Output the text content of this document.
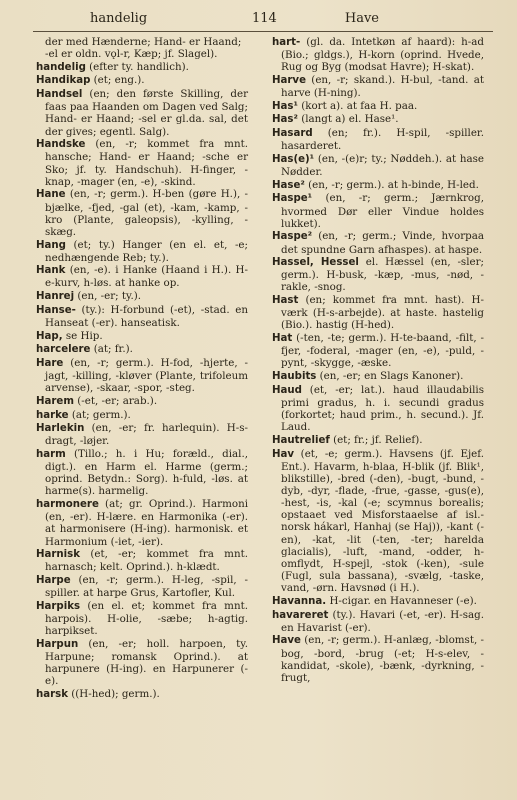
handelig	114	Have

der med Hænderne; Hand- er Haand; -el er oldn. vǫl-r, Kæp; jf. Slagel).

handelig (efter ty. handlich).

Handikap (et; eng.).

Handsel (en; den første Skilling, der faas paa Haanden om Dagen ved Salg; Hand- er Haand; -sel er gl.da. sal, det der gives; egentl. Salg).

Handske (en, -r; kommet fra mnt. hansche; Hand- er Haand; -sche er Sko; jf. ty. Handschuh). H-finger, -knap, -mager (en, -e), -skind.

Hane (en, -r; germ.). H-ben (gøre H.), -bjælke, -fjed, -gal (et), -kam, -kamp, -kro (Plante, galeopsis), -kylling, -skæg.

Hang (et; ty.) Hanger (en el. et, -e; nedhængende Reb; ty.).

Hank (en, -e). i Hanke (Haand i H.). H-e-kurv, h-løs. at hanke op.

Hanrej (en, -er; ty.).

Hanse- (ty.): H-forbund (-et), -stad. en Hanseat (-er). hanseatisk.

Hap, se Hip.

harcelere (at; fr.).

Hare (en, -r; germ.). H-fod, -hjerte, -jagt, -killing, -kløver (Plante, trifoleum arvense), -skaar, -spor, -steg.

Harem (-et, -er; arab.).

harke (at; germ.).

Harlekin (en, -er; fr. harlequin). H-s-dragt, -løjer.

harm (Tillo.; h. i Hu; foræld., dial., digt.). en Harm el. Harme (germ.; oprind. Betydn.: Sorg). h-fuld, -løs. at harme(s). harmelig.

harmonere (at; gr. Oprind.). Harmoni (en, -er). H-lære. en Harmonika (-er). at harmonisere (H-ing). harmonisk. et Harmonium (-iet, -ier).

Harnisk (et, -er; kommet fra mnt. harnasch; kelt. Oprind.). h-klædt.

Harpe (en, -r; germ.). H-leg, -spil, -spiller. at harpe Grus, Kartofler, Kul.

Harpiks (en el. et; kommet fra mnt. harpois). H-olie, -sæbe; h-agtig. harpikset.

Harpun (en, -er; holl. harpoen, ty. Harpune; romansk Oprind.). at harpunere (H-ing). en Harpunerer (-e).

harsk ((H-hed); germ.).

hart- (gl. da. Intetkøn af haard): h-ad (Bio.; gldgs.), H-korn (oprind. Hvede, Rug og Byg (modsat Havre); H-skat).

Harve (en, -r; skand.). H-bul, -tand. at harve (H-ning).

Has¹ (kort a). at faa H. paa.

Has² (langt a) el. Hase¹.

Hasard (en; fr.). H-spil, -spiller. hasarderet.

Has(e)¹ (en, -(e)r; ty.; Nøddeh.). at hase Nødder.

Hase² (en, -r; germ.). at h-binde, H-led.

Haspe¹ (en, -r; germ.; Jærnkrog, hvormed Dør eller Vindue holdes lukket).

Haspe² (en, -r; germ.; Vinde, hvorpaa det spundne Garn afhaspes). at haspe.

Hassel, Hessel el. Hæssel (en, -sler; germ.). H-busk, -kæp, -mus, -nød, -rakle, -snog.

Hast (en; kommet fra mnt. hast). H-værk (H-s-arbejde). at haste. hastelig (Bio.). hastig (H-hed).

Hat (-ten, -te; germ.). H-te-baand, -filt, -fjer, -foderal, -mager (en, -e), -puld, -pynt, -skygge, -æske.

Haubits (en, -er; en Slags Kanoner).

Haud (et, -er; lat.). haud illaudabilis primi gradus, h. i. secundi gradus (forkortet; haud prim., h. secund.). Jf. Laud.

Hautrelief (et; fr.; jf. Relief).

Hav (et, -e; germ.). Havsens (jf. Ejef. Ent.). Havarm, h-blaa, H-blik (jf. Blik¹, blikstille), -bred (-den), -bugt, -bund, -dyb, -dyr, -flade, -frue, -gasse, -gus(e), -hest, -is, -kal (-e; scymnus borealis; opstaaet ved Misforstaaelse af isl.-norsk hákarl, Hanhaj (se Haj)), -kant (-en), -kat, -lit (-ten, -ter; harelda glacialis), -luft, -mand, -odder, h-omflydt, H-spejl, -stok (-ken), -sule (Fugl, sula bassana), -svælg, -taske, vand, -ørn. Havsnød (i H.).

Havanna. H-cigar. en Havanneser (-e).

havareret (ty.). Havari (-et, -er). H-sag. en Havarist (-er).

Have (en, -r; germ.). H-anlæg, -blomst, -bog, -bord, -brug (-et; H-s-elev, -kandidat, -skole), -bænk, -dyrkning, -frugt,
